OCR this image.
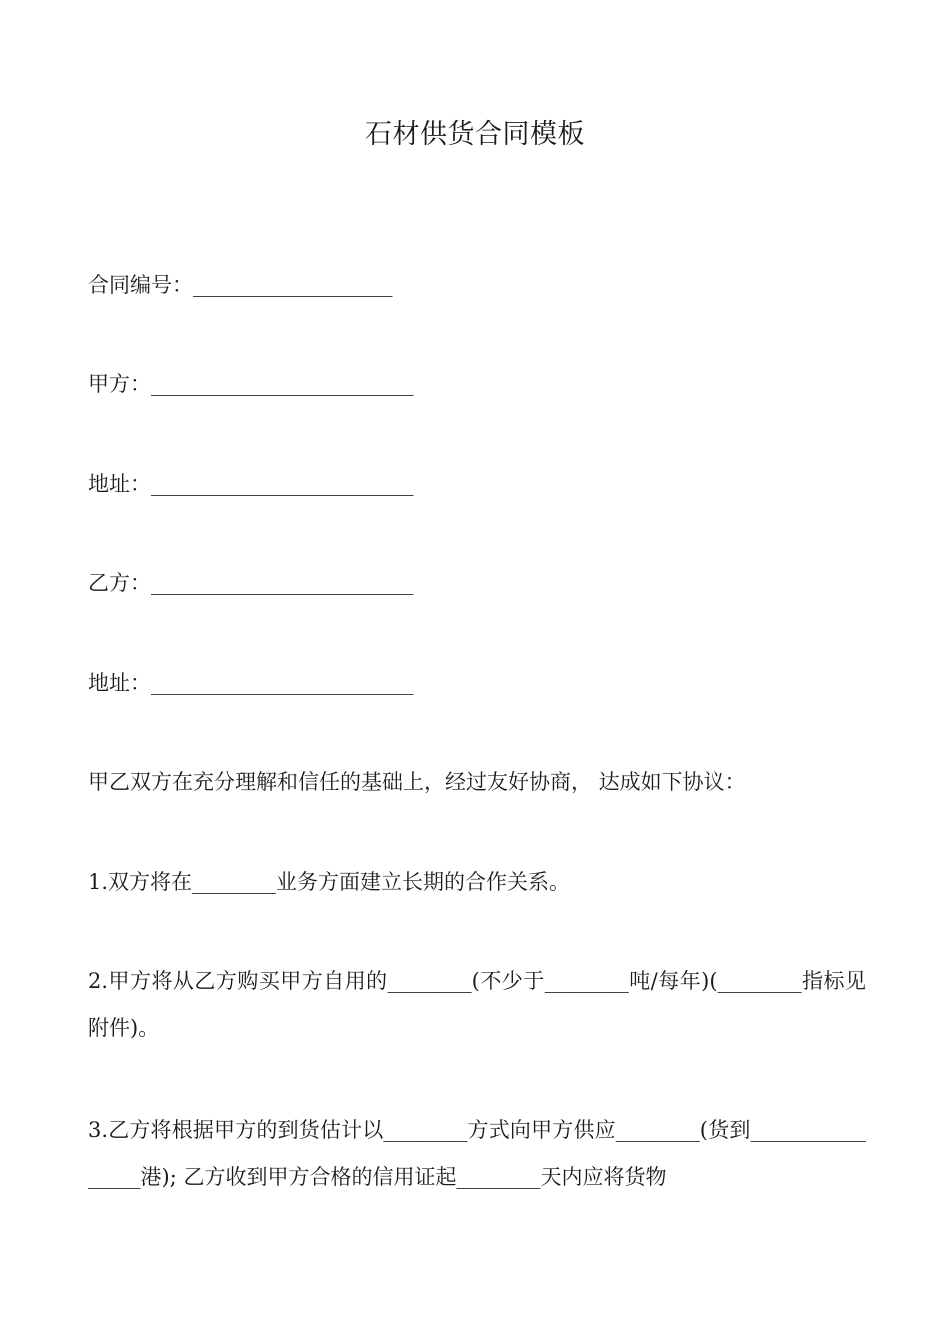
石材供货合同模板
合同编号：___________________
甲方：_________________________
地址：_________________________
乙方：_________________________
地址：_________________________
甲乙双方在充分理解和信任的基础上，经过友好协商， 达成如下协议：
1.双方将在________业务方面建立长期的合作关系。
2.甲方将从乙方购买甲方自用的________(不少于________吨/每年)(________指标见附件)。
3.乙方将根据甲方的到货估计以________方式向甲方供应________(货到________________港); 乙方收到甲方合格的信用证起________天内应将货物
